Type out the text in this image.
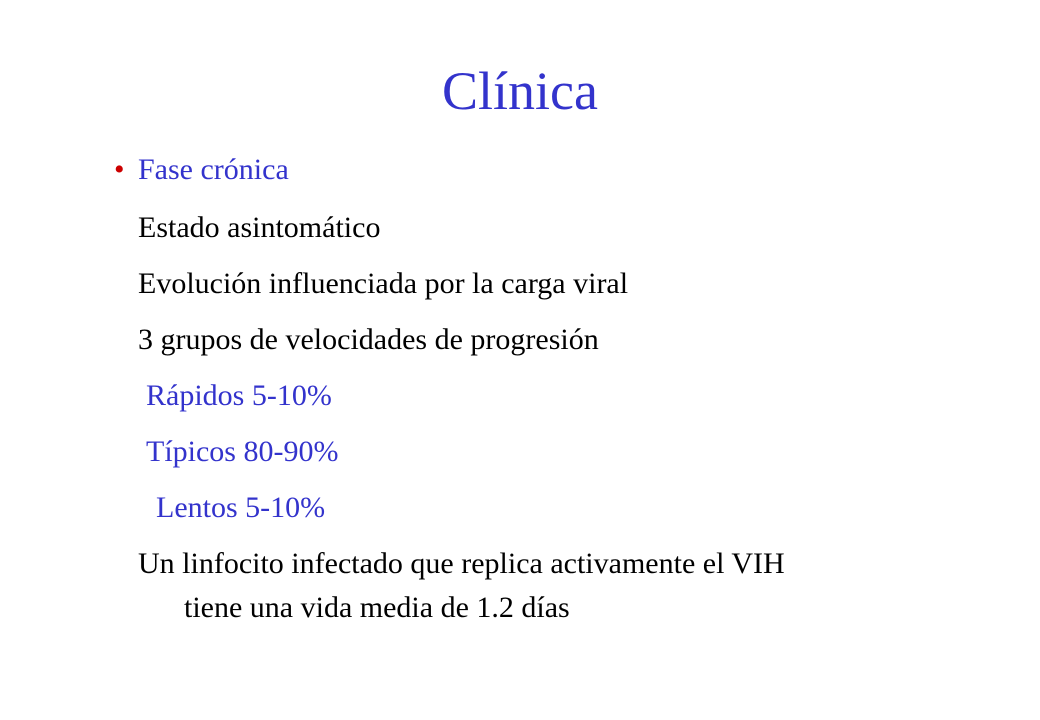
Clínica
• Fase crónica
Estado asintomático
Evolución influenciada por la carga viral
3 grupos de velocidades de progresión
Rápidos 5-10%
Típicos 80-90%
Lentos 5-10%
Un linfocito infectado que replica activamente el VIH
tiene una vida media de 1.2 días
